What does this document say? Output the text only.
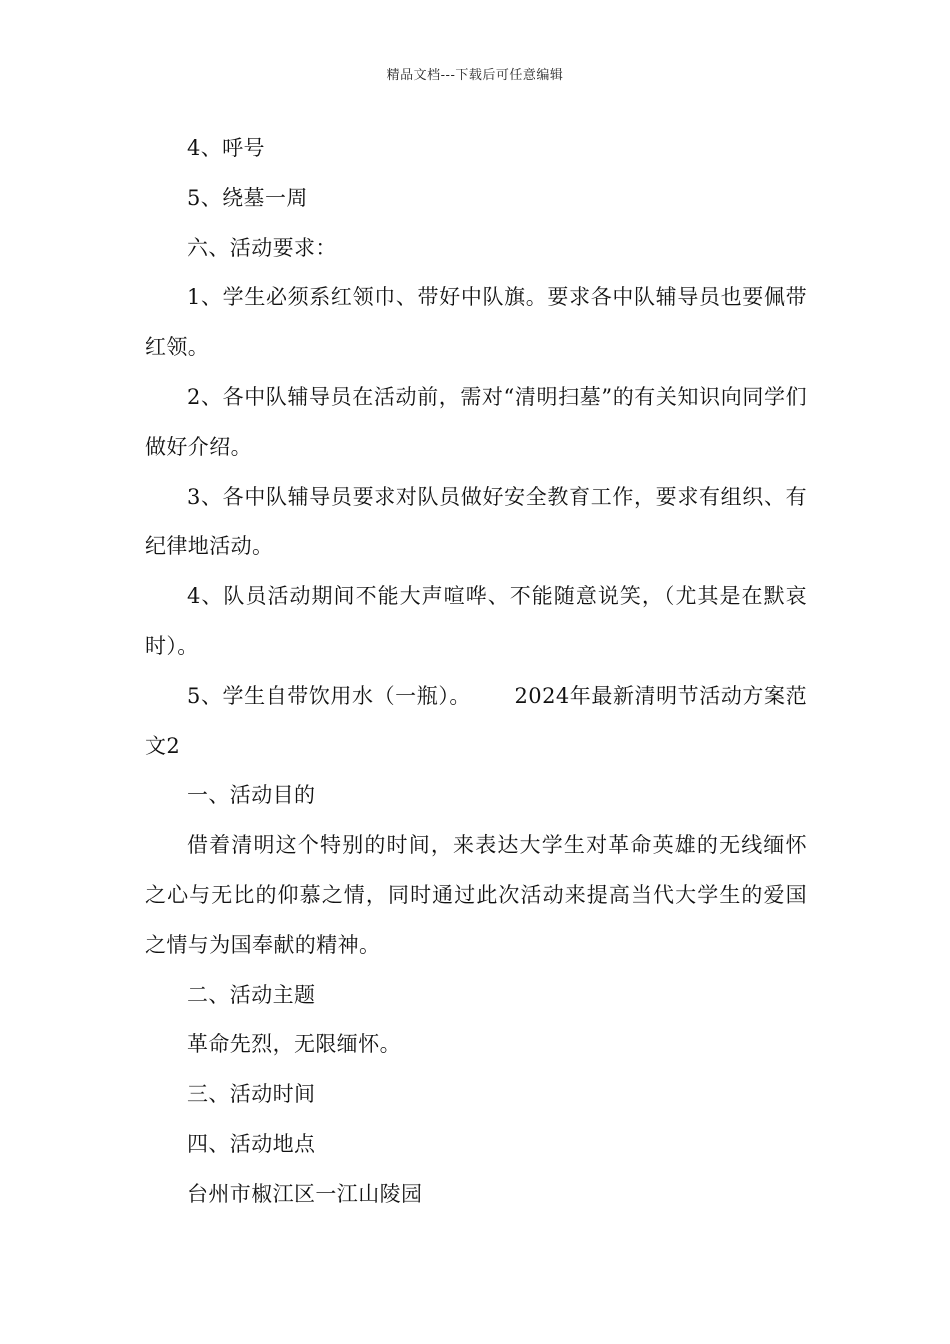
精品文档---下载后可任意编辑

4、呼号

5、绕墓一周

六、活动要求：

1、学生必须系红领巾、带好中队旗。要求各中队辅导员也要佩带红领。

2、各中队辅导员在活动前，需对“清明扫墓”的有关知识向同学们做好介绍。

3、各中队辅导员要求对队员做好安全教育工作，要求有组织、有纪律地活动。

4、队员活动期间不能大声喧哗、不能随意说笑，（尤其是在默哀时）。

5、学生自带饮用水（一瓶）。      2024年最新清明节活动方案范文2

一、活动目的

借着清明这个特别的时间，来表达大学生对革命英雄的无线缅怀之心与无比的仰慕之情，同时通过此次活动来提高当代大学生的爱国之情与为国奉献的精神。

二、活动主题

革命先烈，无限缅怀。

三、活动时间

四、活动地点

台州市椒江区一江山陵园
